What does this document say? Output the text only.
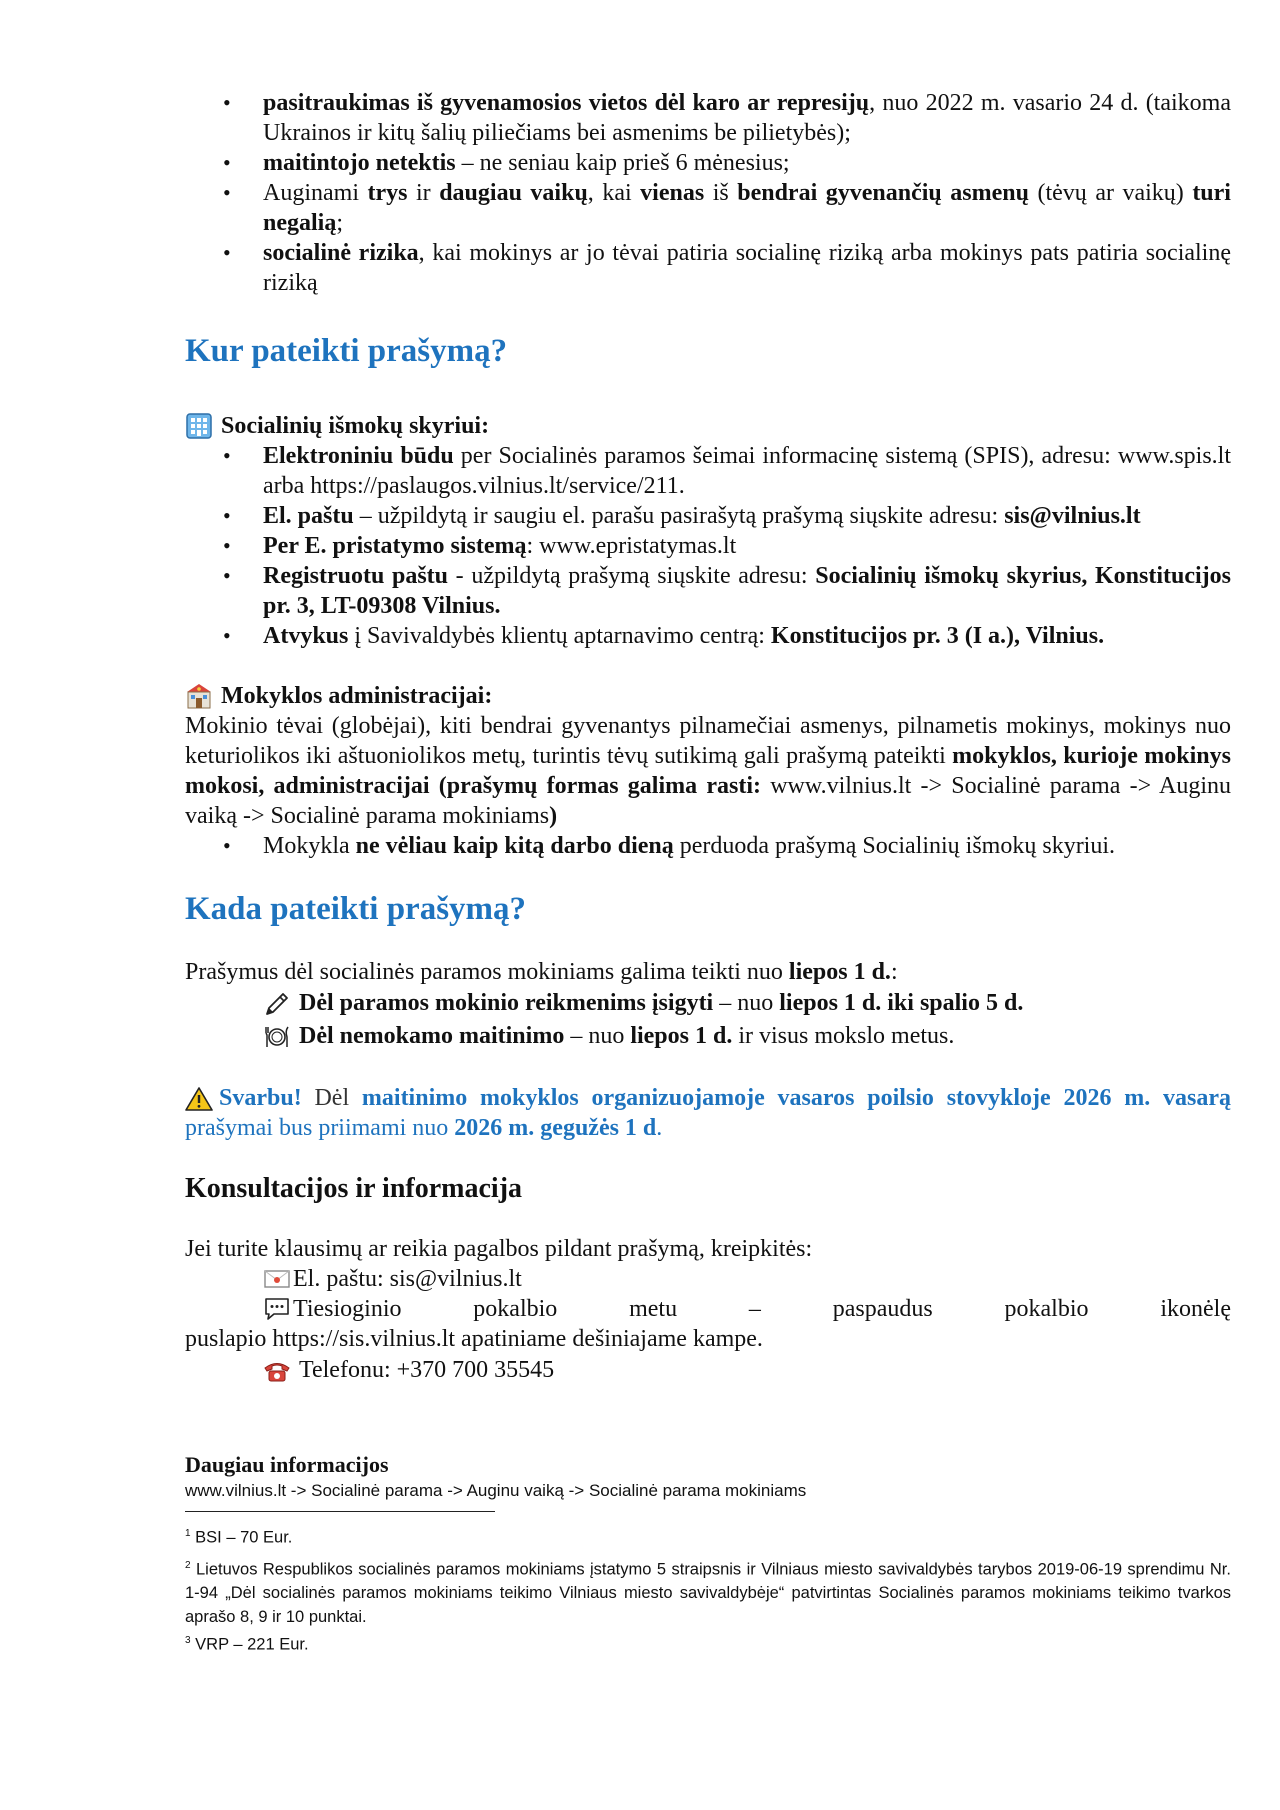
• pasitraukimas iš gyvenamosios vietos dėl karo ar represijų, nuo 2022 m. vasario 24 d. (taikoma Ukrainos ir kitų šalių piliečiams bei asmenims be pilietybės);
• maitintojo netektis – ne seniau kaip prieš 6 mėnesius;
• Auginami trys ir daugiau vaikų, kai vienas iš bendrai gyvenančių asmenų (tėvų ar vaikų) turi negalią;
• socialinė rizika, kai mokinys ar jo tėvai patiria socialinę riziką arba mokinys pats patiria socialinę riziką
Kur pateikti prašymą?

Socialinių išmokų skyriui:

• Elektroniniu būdu per Socialinės paramos šeimai informacinę sistemą (SPIS), adresu: www.spis.lt arba https://paslaugos.vilnius.lt/service/211.
• El. paštu – užpildytą ir saugiu el. parašu pasirašytą prašymą siųskite adresu: sis@vilnius.lt
• Per E. pristatymo sistemą: www.epristatymas.lt
• Registruotu paštu - užpildytą prašymą siųskite adresu: Socialinių išmokų skyrius, Konstitucijos pr. 3, LT-09308 Vilnius.
• Atvykus į Savivaldybės klientų aptarnavimo centrą: Konstitucijos pr. 3 (I a.), Vilnius.

Mokyklos administracijai:

Mokinio tėvai (globėjai), kiti bendrai gyvenantys pilnamečiai asmenys, pilnametis mokinys, mokinys nuo keturiolikos iki aštuoniolikos metų, turintis tėvų sutikimą gali prašymą pateikti mokyklos, kurioje mokinys mokosi, administracijai (prašymų formas galima rasti: www.vilnius.lt -> Socialinė parama -> Auginu vaiką -> Socialinė parama mokiniams)

• Mokykla ne vėliau kaip kitą darbo dieną perduoda prašymą Socialinių išmokų skyriui.
Kada pateikti prašymą?

Prašymus dėl socialinės paramos mokiniams galima teikti nuo liepos 1 d.:

Dėl paramos mokinio reikmenims įsigyti – nuo liepos 1 d. iki spalio 5 d.
Dėl nemokamo maitinimo – nuo liepos 1 d. ir visus mokslo metus.

Svarbu! Dėl maitinimo mokyklos organizuojamoje vasaros poilsio stovykloje 2026 m. vasarą prašymai bus priimami nuo 2026 m. gegužės 1 d.

Konsultacijos ir informacija

Jei turite klausimų ar reikia pagalbos pildant prašymą, kreipkitės:

El. paštu: sis@vilnius.lt
Tiesioginio	pokalbio	metu	–	paspaudus	pokalbio	ikonėlę

puslapio https://sis.vilnius.lt apatiniame dešiniajame kampe.

Telefonu: +370 700 35545

Daugiau informacijos

www.vilnius.lt -> Socialinė parama -> Auginu vaiką -> Socialinė parama mokiniams

$^1$ BSI – 70 Eur.

$^2$ Lietuvos Respublikos socialinės paramos mokiniams įstatymo 5 straipsnis ir Vilniaus miesto savivaldybės tarybos 2019-06-19 sprendimu Nr. 1-94 „Dėl socialinės paramos mokiniams teikimo Vilniaus miesto savivaldybėje“ patvirtintas Socialinės paramos mokiniams teikimo tvarkos aprašo 8, 9 ir 10 punktai.

$^3$ VRP – 221 Eur.
